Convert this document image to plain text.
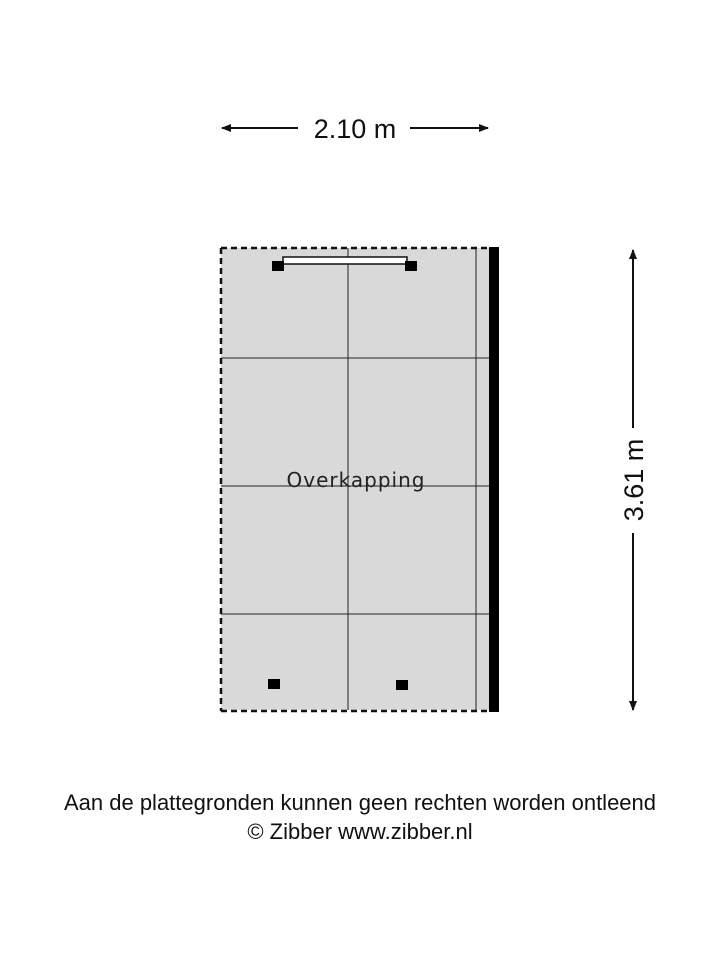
2.10 m
3.61 m
Overkapping
Aan de plattegronden kunnen geen rechten worden ontleend
© Zibber www.zibber.nl
